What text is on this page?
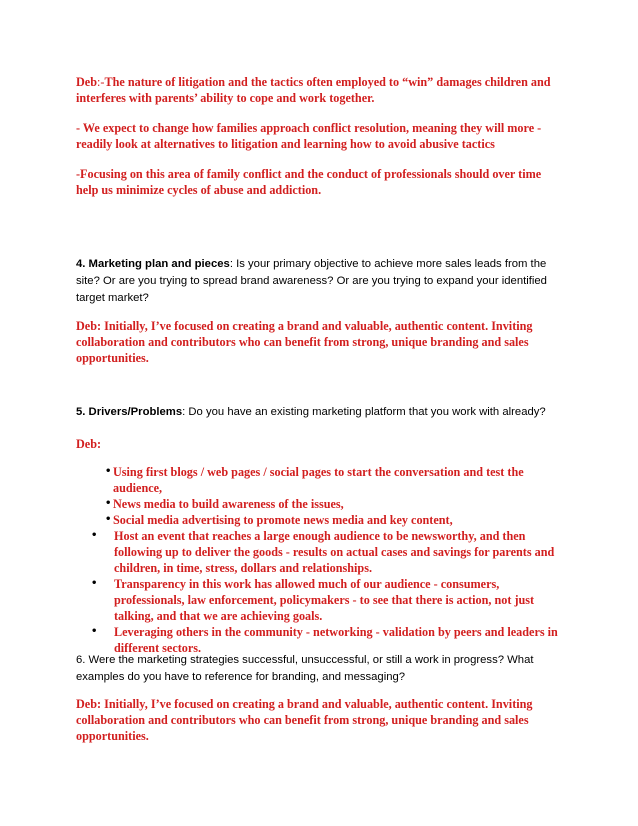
Deb:-The nature of litigation and the tactics often employed to “win” damages children and interferes with parents’ ability to cope and work together.
- We expect to change how families approach conflict resolution, meaning they will more - readily look at alternatives to litigation and learning how to avoid abusive tactics
-Focusing on this area of family conflict and the conduct of professionals should over time help us minimize cycles of abuse and addiction.
4. Marketing plan and pieces: Is your primary objective to achieve more sales leads from the site? Or are you trying to spread brand awareness? Or are you trying to expand your identified target market?
Deb: Initially, I’ve focused on creating a brand and valuable, authentic content. Inviting collaboration and contributors who can benefit from strong, unique branding and sales opportunities.
5. Drivers/Problems: Do you have an existing marketing platform that you work with already?
Deb:
• Using first blogs / web pages / social pages to start the conversation and test the audience,
• News media to build awareness of the issues,
• Social media advertising to promote news media and key content,
• Host an event that reaches a large enough audience to be newsworthy, and then following up to deliver the goods - results on actual cases and savings for parents and children, in time, stress, dollars and relationships.
• Transparency in this work has allowed much of our audience - consumers, professionals, law enforcement, policymakers - to see that there is action, not just talking, and that we are achieving goals.
• Leveraging others in the community - networking - validation by peers and leaders in different sectors.
6. Were the marketing strategies successful, unsuccessful, or still a work in progress? What examples do you have to reference for branding, and messaging?
Deb: Initially, I’ve focused on creating a brand and valuable, authentic content. Inviting collaboration and contributors who can benefit from strong, unique branding and sales opportunities.
